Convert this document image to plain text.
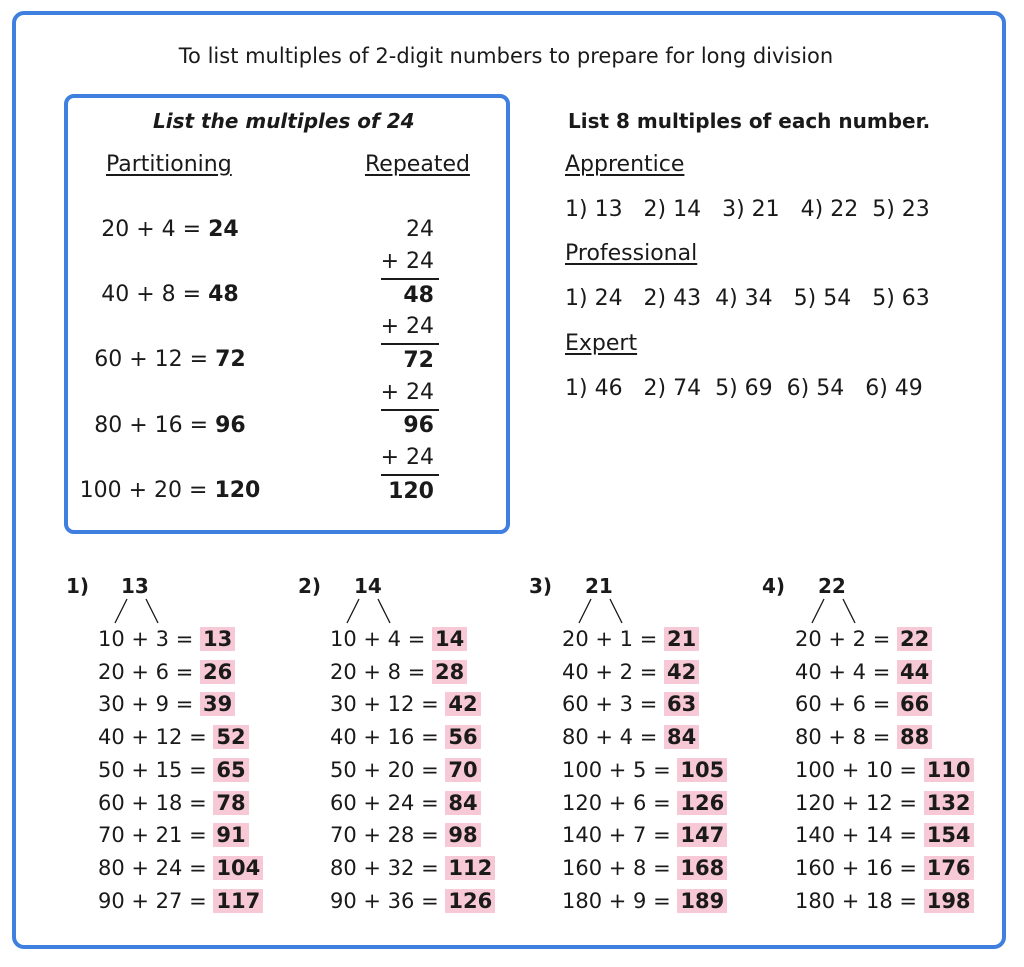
To list multiples of 2-digit numbers to prepare for long division
List the multiples of 24
Partitioning	Repeated
20 + 4 = 24
40 + 8 = 48
60 + 12 = 72
80 + 16 = 96
100 + 20 = 120
24
+ 24
48
+ 24
72
+ 24
96
+ 24
120
List 8 multiples of each number.
Apprentice
1) 13   2) 14   3) 21   4) 22  5) 23
Professional
1) 24   2) 43  4) 34   5) 54   5) 63
Expert
1) 46   2) 74  5) 69  6) 54   6) 49
1) 13
10 + 3 = 13
20 + 6 = 26
30 + 9 = 39
40 + 12 = 52
50 + 15 = 65
60 + 18 = 78
70 + 21 = 91
80 + 24 = 104
90 + 27 = 117
2) 14
10 + 4 = 14
20 + 8 = 28
30 + 12 = 42
40 + 16 = 56
50 + 20 = 70
60 + 24 = 84
70 + 28 = 98
80 + 32 = 112
90 + 36 = 126
3) 21
20 + 1 = 21
40 + 2 = 42
60 + 3 = 63
80 + 4 = 84
100 + 5 = 105
120 + 6 = 126
140 + 7 = 147
160 + 8 = 168
180 + 9 = 189
4) 22
20 + 2 = 22
40 + 4 = 44
60 + 6 = 66
80 + 8 = 88
100 + 10 = 110
120 + 12 = 132
140 + 14 = 154
160 + 16 = 176
180 + 18 = 198
